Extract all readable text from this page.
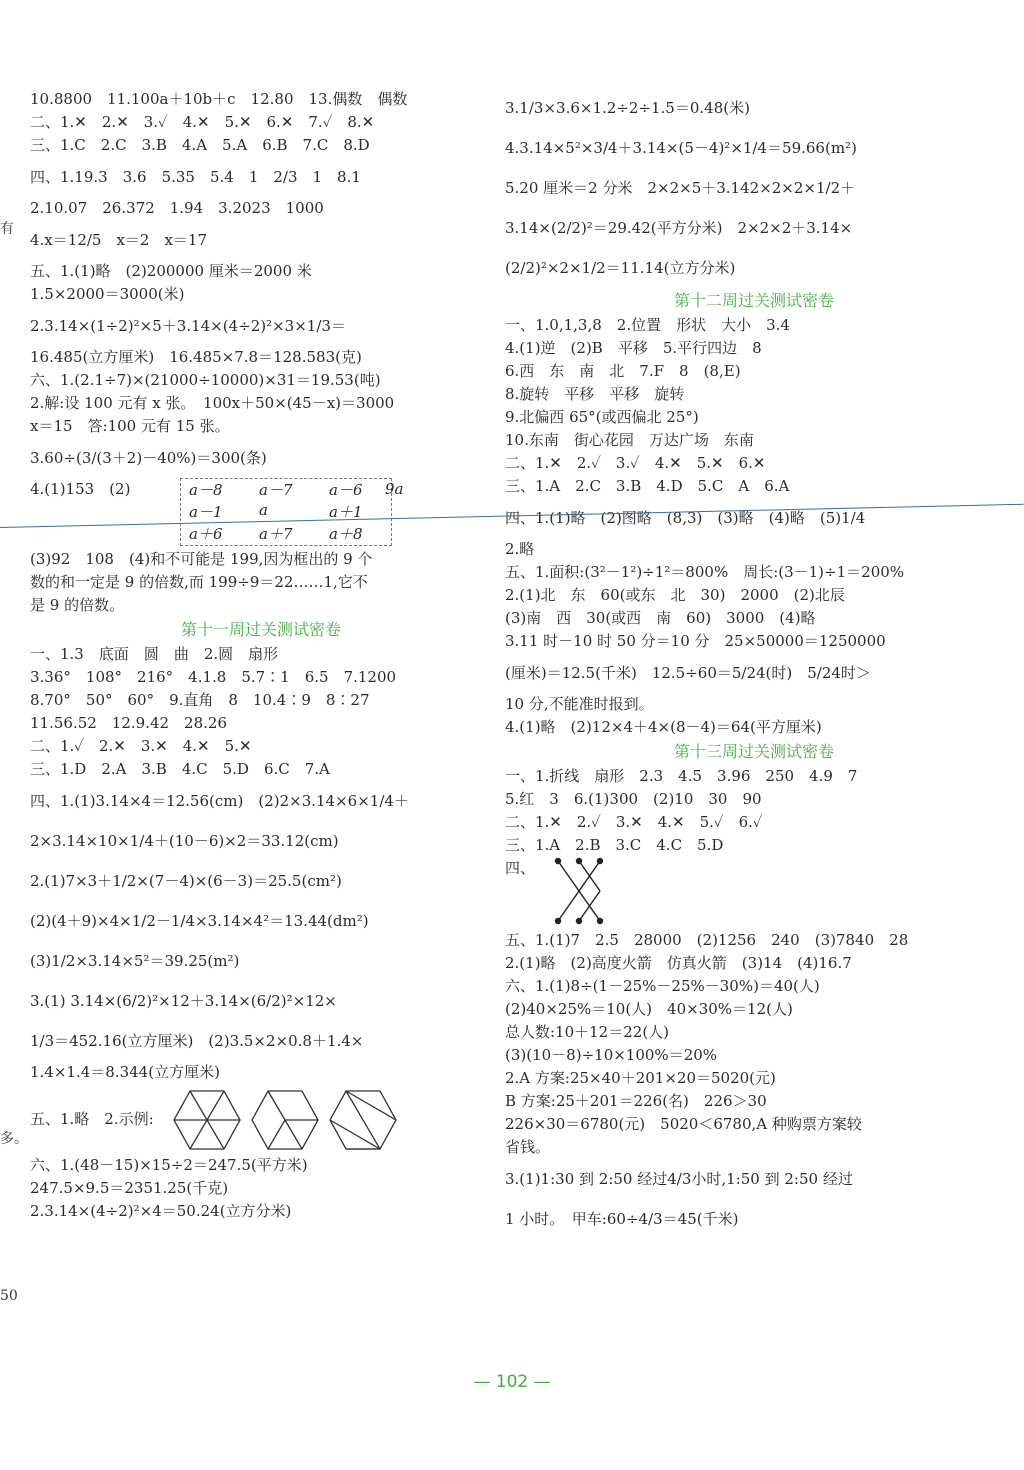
有
多。
50
10.8800　11.100a＋10b＋c　12.80　13.偶数　偶数
二、1.✕　2.✕　3.✓　4.✕　5.✕　6.✕　7.✓　8.✕
三、1.C　2.C　3.B　4.A　5.A　6.B　7.C　8.D
四、1.19.3　3.6　5.35　5.4　1　2/3　1　8.1
2.10.07　26.372　1.94　3.2023　1000
4.x＝12/5　x＝2　x＝17
五、1.(1)略　(2)200000 厘米＝2000 米
1.5×2000＝3000(米)
2.3.14×(1÷2)²×5＋3.14×(4÷2)²×3×1/3＝
16.485(立方厘米)　16.485×7.8＝128.583(克)
六、1.(2.1÷7)×(21000÷10000)×31＝19.53(吨)
2.解:设 100 元有 x 张。　100x＋50×(45－x)＝3000
x＝15　答:100 元有 15 张。
3.60÷(3/(3＋2)－40%)＝300(条)
4.(1)153　(2)	a－8 a－7 a－6
a－1 a	a＋1
a＋6 a＋7 a＋8
9a
(3)92　108　(4)和不可能是 199,因为框出的 9 个
数的和一定是 9 的倍数,而 199÷9＝22……1,它不
是 9 的倍数。
第十一周过关测试密卷
一、1.3　底面　圆　曲　2.圆　扇形
3.36°　108°　216°　4.1.8　5.7∶1　6.5　7.1200
8.70°　50°　60°　9.直角　8　10.4∶9　8∶27
11.56.52　12.9.42　28.26
二、1.✓　2.✕　3.✕　4.✕　5.✕
三、1.D　2.A　3.B　4.C　5.D　6.C　7.A
四、1.(1)3.14×4＝12.56(cm)　(2)2×3.14×6×1/4＋
2×3.14×10×1/4＋(10－6)×2＝33.12(cm)
2.(1)7×3＋1/2×(7－4)×(6－3)＝25.5(cm²)
(2)(4＋9)×4×1/2－1/4×3.14×4²＝13.44(dm²)
(3)1/2×3.14×5²＝39.25(m²)
3.(1) 3.14×(6/2)²×12＋3.14×(6/2)²×12×
1/3＝452.16(立方厘米)　(2)3.5×2×0.8＋1.4×
1.4×1.4＝8.344(立方厘米)
五、1.略　2.示例:
六、1.(48－15)×15÷2＝247.5(平方米)
247.5×9.5＝2351.25(千克)
2.3.14×(4÷2)²×4＝50.24(立方分米)
3.1/3×3.6×1.2÷2÷1.5＝0.48(米)
4.3.14×5²×3/4＋3.14×(5－4)²×1/4＝59.66(m²)
5.20 厘米＝2 分米　2×2×5＋3.142×2×2×1/2＋
3.14×(2/2)²＝29.42(平方分米)　2×2×2＋3.14×
(2/2)²×2×1/2＝11.14(立方分米)
第十二周过关测试密卷
一、1.0,1,3,8　2.位置　形状　大小　3.4
4.(1)逆　(2)B　平移　5.平行四边　8
6.西　东　南　北　7.F　8　(8,E)
8.旋转　平移　平移　旋转
9.北偏西 65°(或西偏北 25°)
10.东南　街心花园　万达广场　东南
二、1.✕　2.✓　3.✓　4.✕　5.✕　6.✕
三、1.A　2.C　3.B　4.D　5.C　A　6.A
四、1.(1)略　(2)图略　(8,3)　(3)略　(4)略　(5)1/4
2.略
五、1.面积:(3²－1²)÷1²＝800%　周长:(3－1)÷1＝200%
2.(1)北　东　60(或东　北　30)　2000　(2)北辰
(3)南　西　30(或西　南　60)　3000　(4)略
3.11 时－10 时 50 分＝10 分　25×50000＝1250000
(厘米)＝12.5(千米)　12.5÷60＝5/24(时)　5/24时＞
10 分,不能准时报到。
4.(1)略　(2)12×4＋4×(8－4)＝64(平方厘米)
第十三周过关测试密卷
一、1.折线　扇形　2.3　4.5　3.96　250　4.9　7
5.红　3　6.(1)300　(2)10　30　90
二、1.✕　2.✓　3.✕　4.✕　5.✓　6.✓
三、1.A　2.B　3.C　4.C　5.D
四、
五、1.(1)7　2.5　28000　(2)1256　240　(3)7840　28
2.(1)略　(2)高度火箭　仿真火箭　(3)14　(4)16.7
六、1.(1)8÷(1－25%－25%－30%)＝40(人)
(2)40×25%＝10(人)　40×30%＝12(人)
总人数:10＋12＝22(人)
(3)(10－8)÷10×100%＝20%
2.A 方案:25×40＋201×20＝5020(元)
B 方案:25＋201＝226(名)　226＞30
226×30＝6780(元)　5020＜6780,A 种购票方案较
省钱。
3.(1)1:30 到 2:50 经过4/3小时,1:50 到 2:50 经过
1 小时。　甲车:60÷4/3＝45(千米)
— 102 —
